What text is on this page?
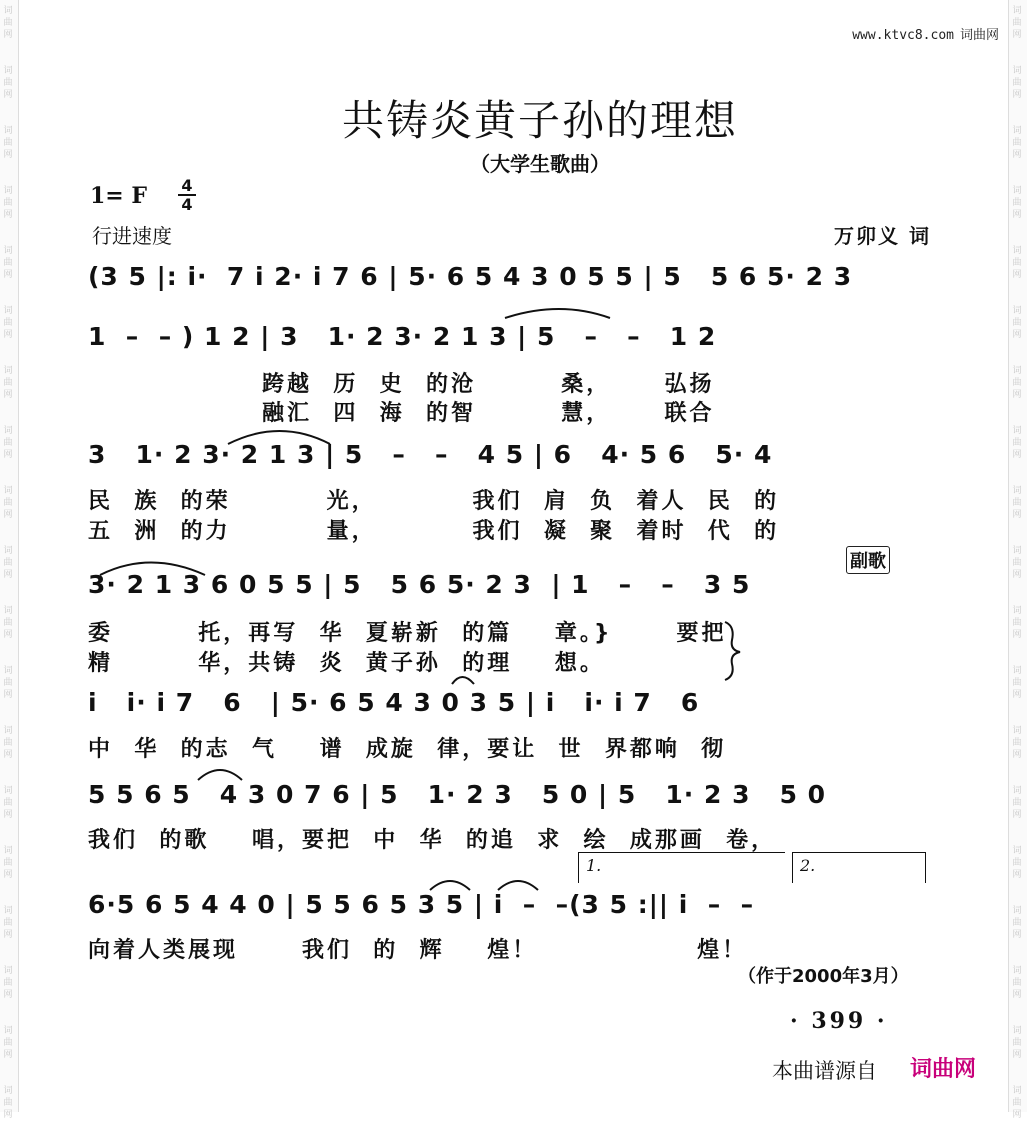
词
曲
网
词
曲
网
词
曲
网
词
曲
网
词
曲
网
词
曲
网
词
曲
网
词
曲
网
词
曲
网
词
曲
网
词
曲
网
词
曲
网
词
曲
网
词
曲
网
词
曲
网
词
曲
网
词
曲
网
词
曲
网
词
曲
网
词
曲
网
词
曲
网
词
曲
网
词
曲
网
词
曲
网
词
曲
网
词
曲
网
词
曲
网
词
曲
网
词
曲
网
词
曲
网
词
曲
网
词
曲
网
词
曲
网
词
曲
网
词
曲
网
词
曲
网
词
曲
网
词
曲
网
www.ktvc8.com 词曲网
共铸炎黄子孙的理想
（大学生歌曲）
1= F 4
4
行进速度	万卯义 词
(3 5 |: i·  7 i 2· i 7 6 | 5· 6 5 4 3 0 5 5 | 5   5 6 5· 2 3
1  –  – ) 1 2 | 3   1· 2 3· 2 1 3 | 5   –   –   1 2
跨越  历  史  的沧        桑，     弘扬
融汇  四  海  的智        慧，     联合
3   1· 2 3· 2 1 3 | 5   –   –   4 5 | 6   4· 5 6   5· 4
民  族  的荣         光，         我们  肩  负  着人  民  的
五  洲  的力         量，         我们  凝  聚  着时  代  的
副歌
3· 2 1 3 6 0 5 5 | 5   5 6 5· 2 3  | 1   –   –   3 5
委        托，再写  华  夏崭新  的篇    章。}      要把
精        华，共铸  炎  黄子孙  的理    想。
i   i· i 7   6   | 5· 6 5 4 3 0 3 5 | i   i· i 7   6
中  华  的志  气    谱  成旋  律，要让  世  界都响  彻
5 5 6 5   4 3 0 7 6 | 5   1· 2 3   5 0 | 5   1· 2 3   5 0
我们  的歌    唱，要把  中  华  的追  求  绘  成那画  卷，
1.	2.
6·5 6 5 4 4 0 | 5 5 6 5 3 5 | i  –  –(3 5 :|| i  –  –
向着人类展现      我们  的  辉    煌！               煌！
（作于2000年3月）
· 399 ·
本曲谱源自 词曲网
